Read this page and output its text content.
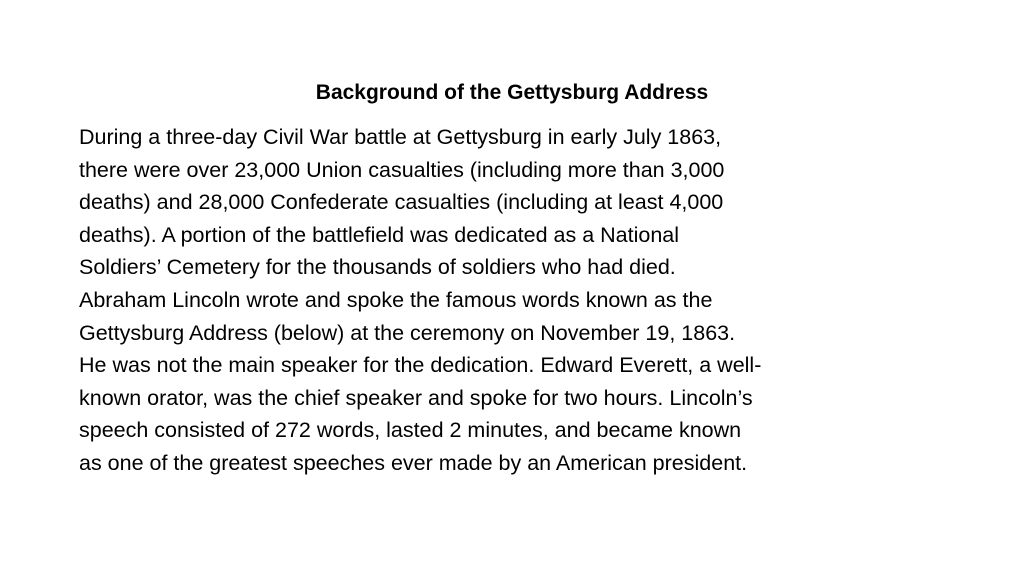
Background of the Gettysburg Address
During a three-day Civil War battle at Gettysburg in early July 1863,
there were over 23,000 Union casualties (including more than 3,000
deaths) and 28,000 Confederate casualties (including at least 4,000
deaths). A portion of the battlefield was dedicated as a National
Soldiers’ Cemetery for the thousands of soldiers who had died.
Abraham Lincoln wrote and spoke the famous words known as the
Gettysburg Address (below) at the ceremony on November 19, 1863.
He was not the main speaker for the dedication. Edward Everett, a well-
known orator, was the chief speaker and spoke for two hours. Lincoln’s
speech consisted of 272 words, lasted 2 minutes, and became known
as one of the greatest speeches ever made by an American president.
